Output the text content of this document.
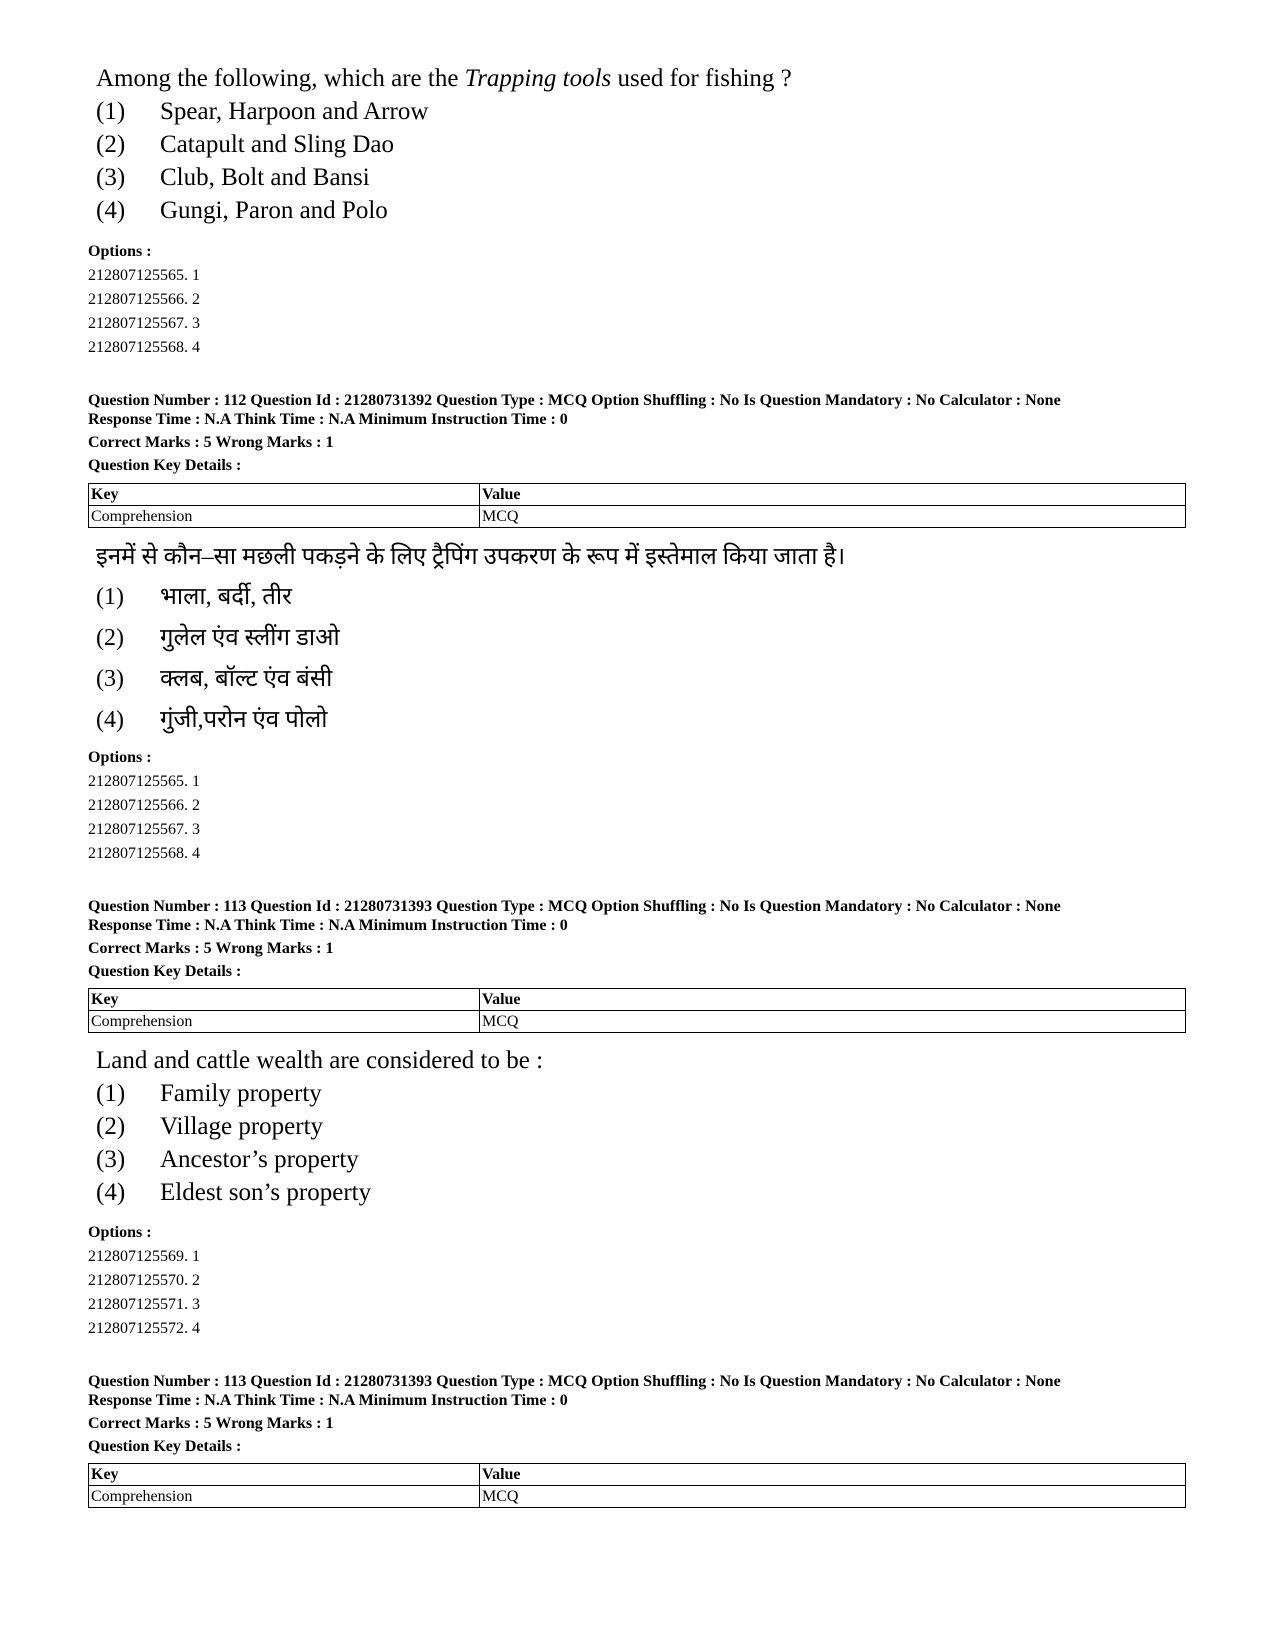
Among the following, which are the Trapping tools used for fishing ?

(1)	Spear, Harpoon and Arrow
(2)	Catapult and Sling Dao
(3)	Club, Bolt and Bansi
(4)	Gungi, Paron and Polo
Options :
212807125565. 1
212807125566. 2
212807125567. 3
212807125568. 4
Question Number : 112 Question Id : 21280731392 Question Type : MCQ Option Shuffling : No Is Question Mandatory : No Calculator : None
Response Time : N.A Think Time : N.A Minimum Instruction Time : 0
Correct Marks : 5 Wrong Marks : 1
Question Key Details :
Key	Value
Comprehension	MCQ

इनमें से कौन–सा मछली पकड़ने के लिए ट्रैपिंग उपकरण के रूप में इस्तेमाल किया जाता है।

(1)	भाला, बर्दी, तीर
(2)	गुलेल एंव स्लींग डाओ
(3)	क्लब, बॉल्ट एंव बंसी
(4)	गुंजी,परोन एंव पोलो
Options :
212807125565. 1
212807125566. 2
212807125567. 3
212807125568. 4
Question Number : 113 Question Id : 21280731393 Question Type : MCQ Option Shuffling : No Is Question Mandatory : No Calculator : None
Response Time : N.A Think Time : N.A Minimum Instruction Time : 0
Correct Marks : 5 Wrong Marks : 1
Question Key Details :
Key	Value
Comprehension	MCQ

Land and cattle wealth are considered to be :

(1)	Family property
(2)	Village property
(3)	Ancestor’s property
(4)	Eldest son’s property
Options :
212807125569. 1
212807125570. 2
212807125571. 3
212807125572. 4
Question Number : 113 Question Id : 21280731393 Question Type : MCQ Option Shuffling : No Is Question Mandatory : No Calculator : None
Response Time : N.A Think Time : N.A Minimum Instruction Time : 0
Correct Marks : 5 Wrong Marks : 1
Question Key Details :
Key	Value
Comprehension	MCQ
